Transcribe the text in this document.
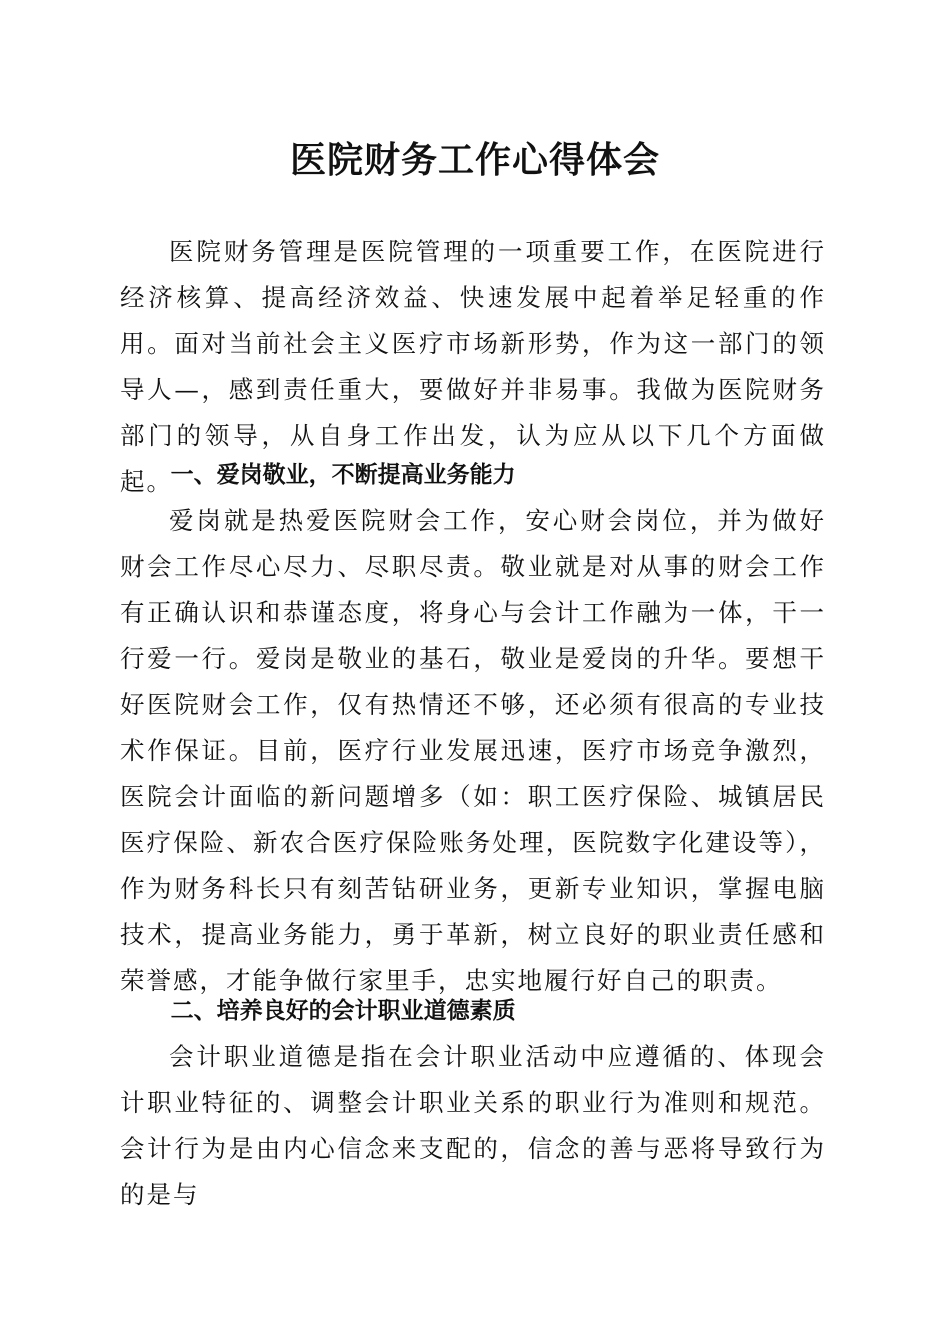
医院财务工作心得体会

医院财务管理是医院管理的一项重要工作，在医院进行经济核算、提高经济效益、快速发展中起着举足轻重的作用。面对当前社会主义医疗市场新形势，作为这一部门的领导人—，感到责任重大，要做好并非易事。我做为医院财务部门的领导，从自身工作出发，认为应从以下几个方面做起。

一、爱岗敬业，不断提高业务能力

爱岗就是热爱医院财会工作，安心财会岗位，并为做好财会工作尽心尽力、尽职尽责。敬业就是对从事的财会工作有正确认识和恭谨态度，将身心与会计工作融为一体，干一行爱一行。爱岗是敬业的基石，敬业是爱岗的升华。要想干好医院财会工作，仅有热情还不够，还必须有很高的专业技术作保证。目前，医疗行业发展迅速，医疗市场竞争激烈，医院会计面临的新问题增多（如：职工医疗保险、城镇居民医疗保险、新农合医疗保险账务处理，医院数字化建设等），作为财务科长只有刻苦钻研业务，更新专业知识，掌握电脑技术，提高业务能力，勇于革新，树立良好的职业责任感和荣誉感，才能争做行家里手，忠实地履行好自己的职责。

二、培养良好的会计职业道德素质

会计职业道德是指在会计职业活动中应遵循的、体现会计职业特征的、调整会计职业关系的职业行为准则和规范。会计行为是由内心信念来支配的，信念的善与恶将导致行为的是与
